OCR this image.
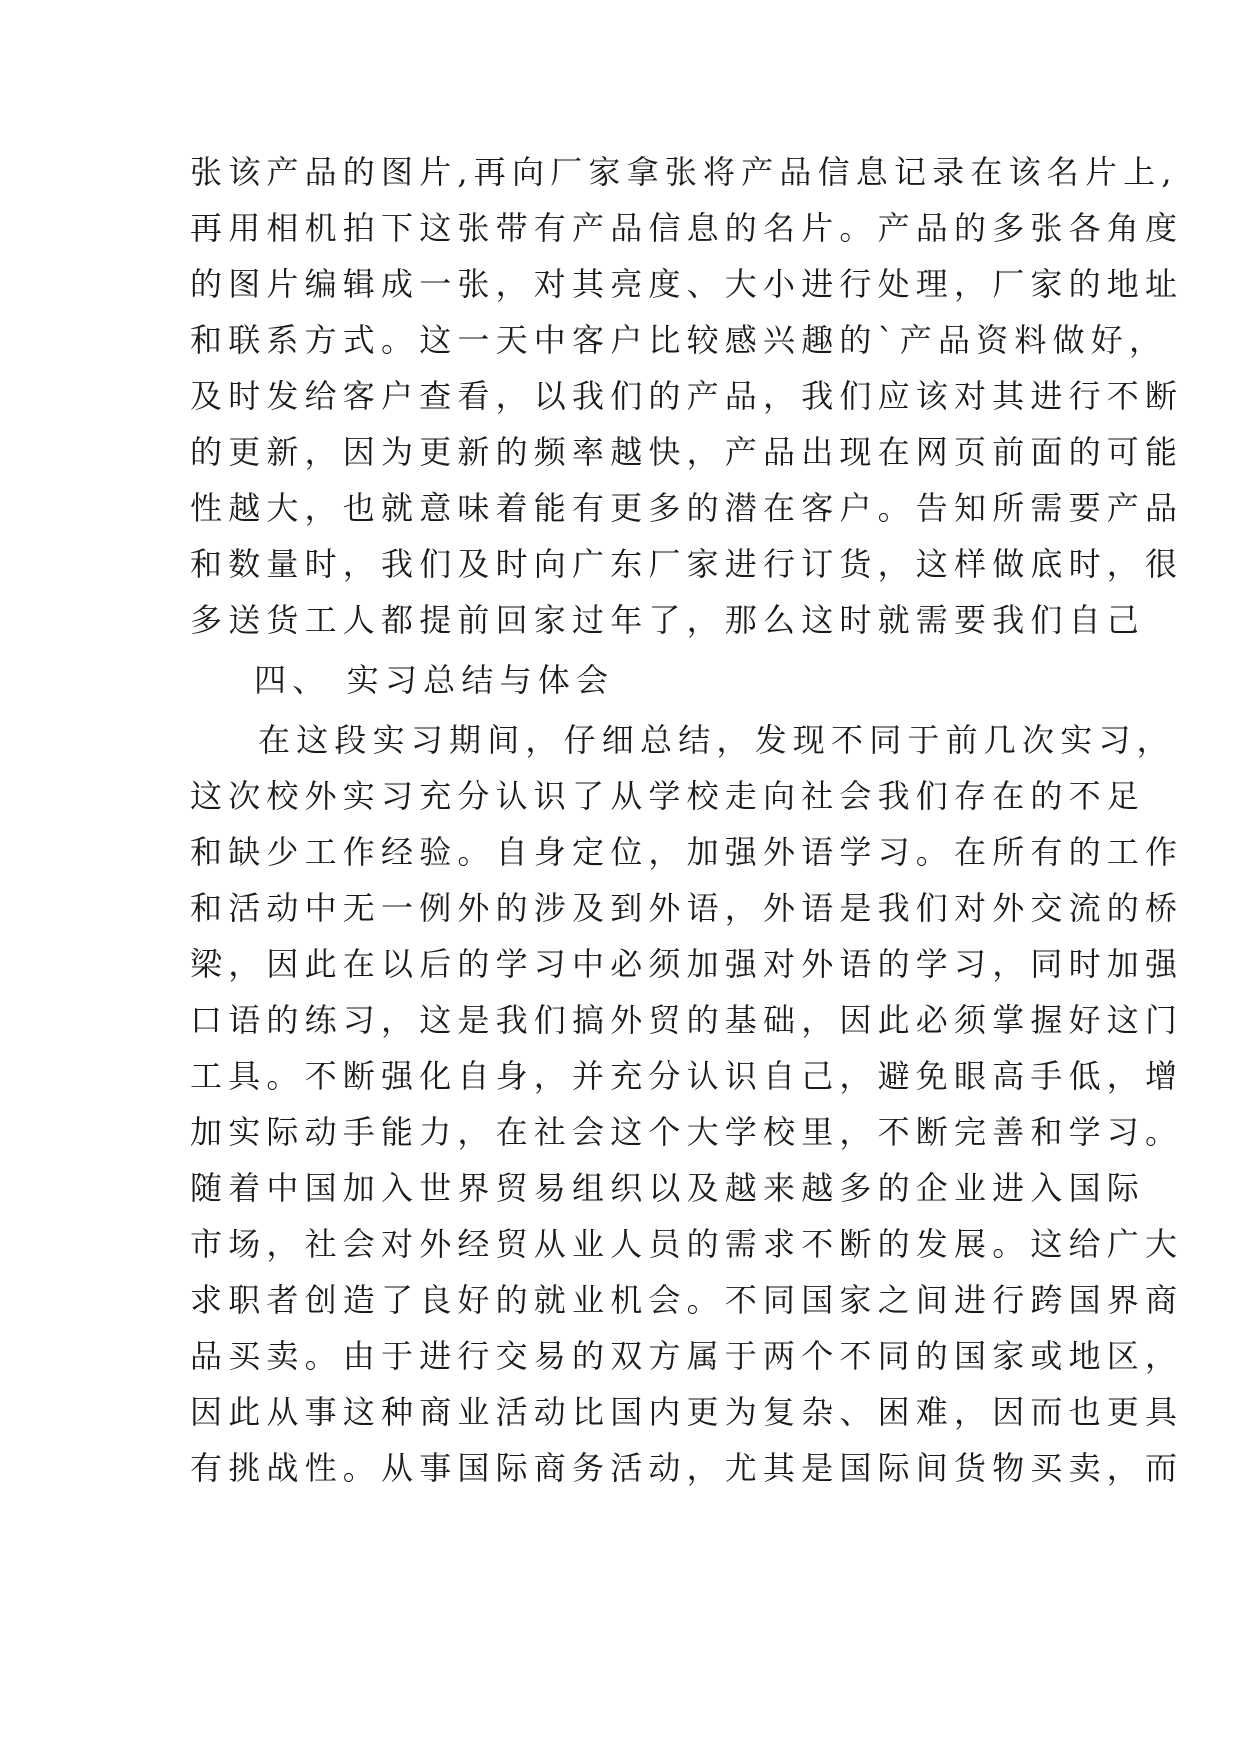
张该产品的图片,再向厂家拿张将产品信息记录在该名片上,
再用相机拍下这张带有产品信息的名片。产品的多张各角度
的图片编辑成一张，对其亮度、大小进行处理，厂家的地址
和联系方式。这一天中客户比较感兴趣的`产品资料做好，
及时发给客户查看，以我们的产品，我们应该对其进行不断
的更新，因为更新的频率越快，产品出现在网页前面的可能
性越大，也就意味着能有更多的潜在客户。告知所需要产品
和数量时，我们及时向广东厂家进行订货，这样做底时，很
多送货工人都提前回家过年了，那么这时就需要我们自己
四、 实习总结与体会
在这段实习期间，仔细总结，发现不同于前几次实习，
这次校外实习充分认识了从学校走向社会我们存在的不足
和缺少工作经验。自身定位，加强外语学习。在所有的工作
和活动中无一例外的涉及到外语，外语是我们对外交流的桥
梁，因此在以后的学习中必须加强对外语的学习，同时加强
口语的练习，这是我们搞外贸的基础，因此必须掌握好这门
工具。不断强化自身，并充分认识自己，避免眼高手低，增
加实际动手能力，在社会这个大学校里，不断完善和学习。
随着中国加入世界贸易组织以及越来越多的企业进入国际
市场，社会对外经贸从业人员的需求不断的发展。这给广大
求职者创造了良好的就业机会。不同国家之间进行跨国界商
品买卖。由于进行交易的双方属于两个不同的国家或地区，
因此从事这种商业活动比国内更为复杂、困难，因而也更具
有挑战性。从事国际商务活动，尤其是国际间货物买卖，而
